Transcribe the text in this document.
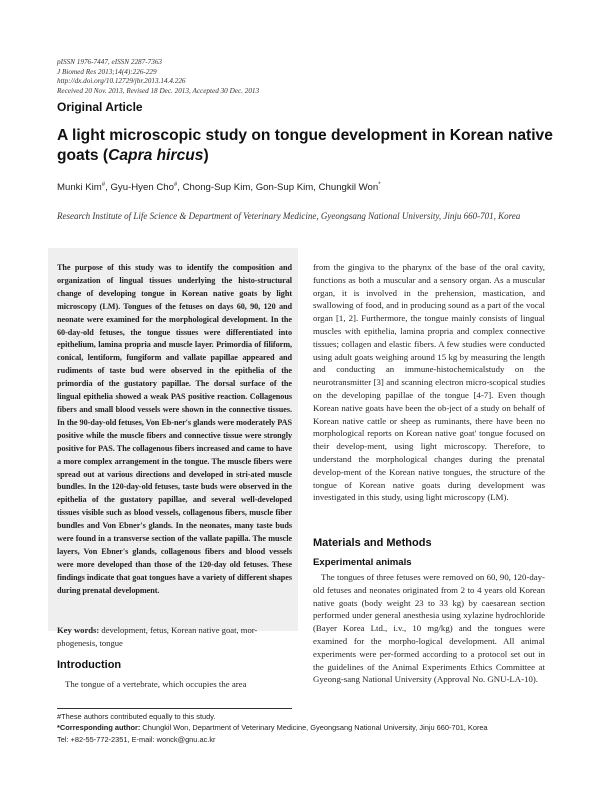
pISSN 1976-7447, eISSN 2287-7363
J Biomed Res 2013;14(4):226-229
http://dx.doi.org/10.12729/jbr.2013.14.4.226
Received 20 Nov. 2013, Revised 18 Dec. 2013, Accepted 30 Dec. 2013
Original Article
A light microscopic study on tongue development in Korean native goats (Capra hircus)
Munki Kim#, Gyu-Hyen Cho#, Chong-Sup Kim, Gon-Sup Kim, Chungkil Won*
Research Institute of Life Science & Department of Veterinary Medicine, Gyeongsang National University, Jinju 660-701, Korea

The purpose of this study was to identify the composition and organization of lingual tissues underlying the histo-structural change of developing tongue in Korean native goats by light microscopy (LM). Tongues of the fetuses on days 60, 90, 120 and neonate were examined for the morphological development. In the 60-day-old fetuses, the tongue tissues were differentiated into epithelium, lamina propria and muscle layer. Primordia of filiform, conical, lentiform, fungiform and vallate papillae appeared and rudiments of taste bud were observed in the epithelia of the primordia of the gustatory papillae. The dorsal surface of the lingual epithelia showed a weak PAS positive reaction. Collagenous fibers and small blood vessels were shown in the connective tissues. In the 90-day-old fetuses, Von Eb-ner's glands were moderately PAS positive while the muscle fibers and connective tissue were strongly positive for PAS. The collagenous fibers increased and came to have a more complex arrangement in the tongue. The muscle fibers were spread out at various directions and developed in stri-ated muscle bundles. In the 120-day-old fetuses, taste buds were observed in the epithelia of the gustatory papillae, and several well-developed tissues visible such as blood vessels, collagenous fibers, muscle fiber bundles and Von Ebner's glands. In the neonates, many taste buds were found in a transverse section of the vallate papilla. The muscle layers, Von Ebner's glands, collagenous fibers and blood vessels were more developed than those of the 120-day old fetuses. These findings indicate that goat tongues have a variety of different shapes during prenatal development.

Key words: development, fetus, Korean native goat, mor-phogenesis, tongue

Introduction

The tongue of a vertebrate, which occupies the area

from the gingiva to the pharynx of the base of the oral cavity, functions as both a muscular and a sensory organ. As a muscular organ, it is involved in the prehension, mastication, and swallowing of food, and in producing sound as a part of the vocal organ [1, 2]. Furthermore, the tongue mainly consists of lingual muscles with epithelia, lamina propria and complex connective tissues; collagen and elastic fibers. A few studies were conducted using adult goats weighing around 15 kg by measuring the length and conducting an immune-histochemicalstudy on the neurotransmitter [3] and scanning electron micro-scopical studies on the developing papillae of the tongue [4-7]. Even though Korean native goats have been the ob-ject of a study on behalf of Korean native cattle or sheep as ruminants, there have been no morphological reports on Korean native goat' tongue focused on their develop-ment, using light microscopy. Therefore, to understand the morphological changes during the prenatal develop-ment of the Korean native tongues, the structure of the tongue of Korean native goats during development was investigated in this study, using light microscopy (LM).

Materials and Methods
Experimental animals

The tongues of three fetuses were removed on 60, 90, 120-day-old fetuses and neonates originated from 2 to 4 years old Korean native goats (body weight 23 to 33 kg) by caesarean section performed under general anesthesia using xylazine hydrochloride (Bayer Korea Ltd., i.v., 10 mg/kg) and the tongues were examined for the morpho-logical development. All animal experiments were per-formed according to a protocol set out in the guidelines of the Animal Experiments Ethics Committee at Gyeong-sang National University (Approval No. GNU-LA-10).

#These authors contributed equally to this study.
*Corresponding author: Chungkil Won, Department of Veterinary Medicine, Gyeongsang National University, Jinju 660-701, Korea
Tel: +82-55-772-2351, E-mail: wonck@gnu.ac.kr
